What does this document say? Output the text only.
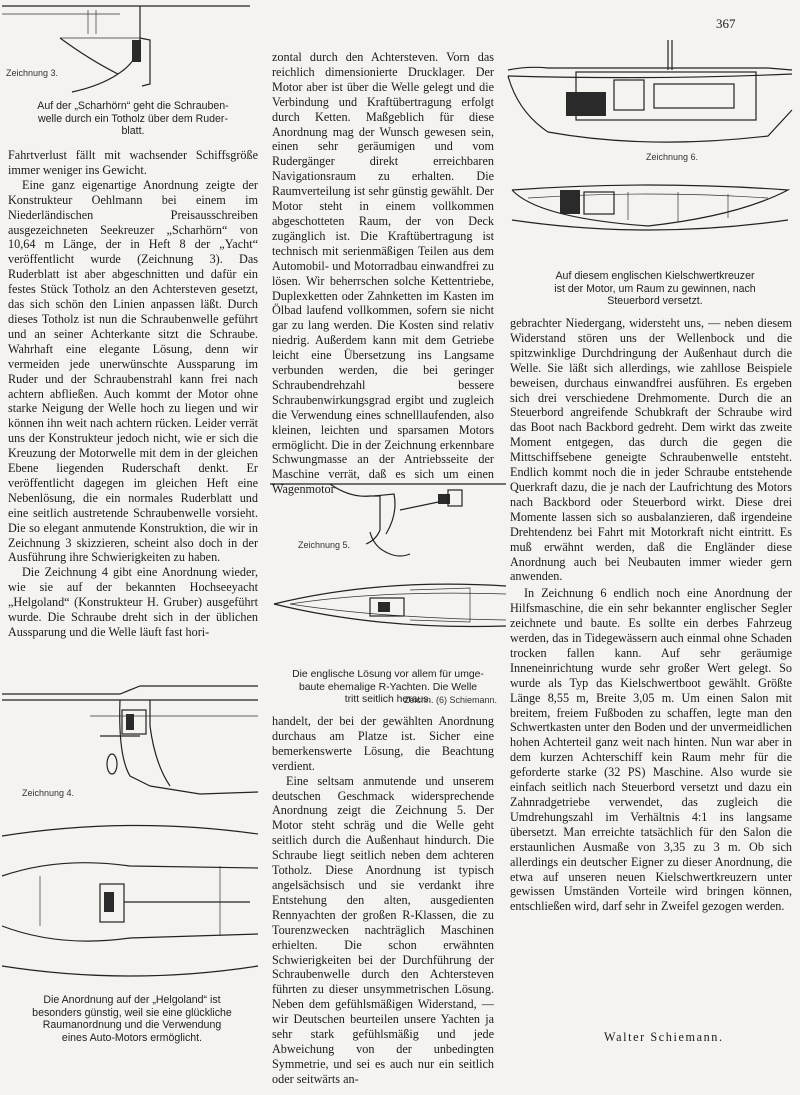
367
Zeichnung 3.
Auf der „Scharhörn“ geht die Schrauben-
welle durch ein Totholz über dem Ruder-
blatt.

Fahrtverlust fällt mit wachsender Schiffsgröße immer weniger ins Gewicht.

Eine ganz eigenartige Anordnung zeigte der Konstrukteur Oehlmann bei einem im Niederländischen Preisausschreiben ausgezeichneten Seekreuzer „Scharhörn“ von 10,64 m Länge, der in Heft 8 der „Yacht“ veröffentlicht wurde (Zeichnung 3). Das Ruderblatt ist aber abgeschnitten und dafür ein festes Stück Totholz an den Achtersteven gesetzt, das sich schön den Linien anpassen läßt. Durch dieses Totholz ist nun die Schraubenwelle geführt und an seiner Achterkante sitzt die Schraube. Wahrhaft eine elegante Lösung, denn wir vermeiden jede unerwünschte Aussparung im Ruder und der Schraubenstrahl kann frei nach achtern abfließen. Auch kommt der Motor ohne starke Neigung der Welle hoch zu liegen und wir können ihn weit nach achtern rücken. Leider verrät uns der Konstrukteur jedoch nicht, wie er sich die Kreuzung der Motorwelle mit dem in der gleichen Ebene liegenden Ruderschaft denkt. Er veröffentlicht dagegen im gleichen Heft eine Nebenlösung, die ein normales Ruderblatt und eine seitlich austretende Schraubenwelle vorsieht. Die so elegant anmutende Konstruktion, die wir in Zeichnung 3 skizzieren, scheint also doch in der Ausführung ihre Schwierigkeiten zu haben.

Die Zeichnung 4 gibt eine Anordnung wieder, wie sie auf der bekannten Hochseeyacht „Helgoland“ (Konstrukteur H. Gruber) ausgeführt wurde. Die Schraube dreht sich in der üblichen Aussparung und die Welle läuft fast hori-

Zeichnung 4.
Die Anordnung auf der „Helgoland“ ist
besonders günstig, weil sie eine glückliche
Raumanordnung und die Verwendung
eines Auto-Motors ermöglicht.

zontal durch den Achtersteven. Vorn das reichlich dimensionierte Drucklager. Der Motor aber ist über die Welle gelegt und die Verbindung und Kraftübertragung erfolgt durch Ketten. Maßgeblich für diese Anordnung mag der Wunsch gewesen sein, einen sehr geräumigen und vom Rudergänger direkt erreichbaren Navigationsraum zu erhalten. Die Raumverteilung ist sehr günstig gewählt. Der Motor steht in einem vollkommen abgeschotteten Raum, der von Deck zugänglich ist. Die Kraftübertragung ist technisch mit serienmäßigen Teilen aus dem Automobil- und Motorradbau einwandfrei zu lösen. Wir beherrschen solche Kettentriebe, Duplexketten oder Zahnketten im Kasten im Ölbad laufend vollkommen, sofern sie nicht gar zu lang werden. Die Kosten sind relativ niedrig. Außerdem kann mit dem Getriebe leicht eine Übersetzung ins Langsame verbunden werden, die bei geringer Schraubendrehzahl bessere Schraubenwirkungsgrad ergibt und zugleich die Verwendung eines schnelllaufenden, also kleinen, leichten und sparsamen Motors ermöglicht. Die in der Zeichnung erkennbare Schwungmasse an der Antriebsseite der Maschine verrät, daß es sich um einen Wagenmotor

Zeichnung 5.
Die englische Lösung vor allem für umge-
baute ehemalige R-Yachten. Die Welle
tritt seitlich heraus.
Zeichn. (6) Schiemann.

handelt, der bei der gewählten Anordnung durchaus am Platze ist. Sicher eine bemerkenswerte Lösung, die Beachtung verdient.

Eine seltsam anmutende und unserem deutschen Geschmack widersprechende Anordnung zeigt die Zeichnung 5. Der Motor steht schräg und die Welle geht seitlich durch die Außenhaut hindurch. Die Schraube liegt seitlich neben dem achteren Totholz. Diese Anordnung ist typisch angelsächsisch und sie verdankt ihre Entstehung den alten, ausgedienten Rennyachten der großen R-Klassen, die zu Tourenzwecken nachträglich Maschinen erhielten. Die schon erwähnten Schwierigkeiten bei der Durchführung der Schraubenwelle durch den Achtersteven führten zu dieser unsymmetrischen Lösung. Neben dem gefühlsmäßigen Widerstand, — wir Deutschen beurteilen unsere Yachten ja sehr stark gefühlsmäßig und jede Abweichung von der unbedingten Symmetrie, und sei es auch nur ein seitlich oder seitwärts an-

Zeichnung 6.
Auf diesem englischen Kielschwertkreuzer
ist der Motor, um Raum zu gewinnen, nach
Steuerbord versetzt.

gebrachter Niedergang, widersteht uns, — neben diesem Widerstand stören uns der Wellenbock und die spitzwinklige Durchdringung der Außenhaut durch die Welle. Sie läßt sich allerdings, wie zahllose Beispiele beweisen, durchaus einwandfrei ausführen. Es ergeben sich drei verschiedene Drehmomente. Durch die an Steuerbord angreifende Schubkraft der Schraube wird das Boot nach Backbord gedreht. Dem wirkt das zweite Moment entgegen, das durch die gegen die Mittschiffsebene geneigte Schraubenwelle entsteht. Endlich kommt noch die in jeder Schraube entstehende Querkraft dazu, die je nach der Laufrichtung des Motors nach Backbord oder Steuerbord wirkt. Diese drei Momente lassen sich so ausbalanzieren, daß irgendeine Drehtendenz bei Fahrt mit Motorkraft nicht eintritt. Es muß erwähnt werden, daß die Engländer diese Anordnung auch bei Neubauten immer wieder gern anwenden.

In Zeichnung 6 endlich noch eine Anordnung der Hilfsmaschine, die ein sehr bekannter englischer Segler zeichnete und baute. Es sollte ein derbes Fahrzeug werden, das in Tidegewässern auch einmal ohne Schaden trocken fallen kann. Auf sehr geräumige Inneneinrichtung wurde sehr großer Wert gelegt. So wurde als Typ das Kielschwertboot gewählt. Größte Länge 8,55 m, Breite 3,05 m. Um einen Salon mit breitem, freiem Fußboden zu schaffen, legte man den Schwertkasten unter den Boden und der unvermeidlichen hohen Achterteil ganz weit nach hinten. Nun war aber in dem kurzen Achterschiff kein Raum mehr für die geforderte starke (32 PS) Maschine. Also wurde sie einfach seitlich nach Steuerbord versetzt und dazu ein Zahnradgetriebe verwendet, das zugleich die Umdrehungszahl im Verhältnis 4:1 ins langsame übersetzt. Man erreichte tatsächlich für den Salon die erstaunlichen Ausmaße von 3,35 zu 3 m. Ob sich allerdings ein deutscher Eigner zu dieser Anordnung, die etwa auf unseren neuen Kielschwertkreuzern unter gewissen Umständen Vorteile wird bringen können, entschließen wird, darf sehr in Zweifel gezogen werden.

Walter Schiemann.
